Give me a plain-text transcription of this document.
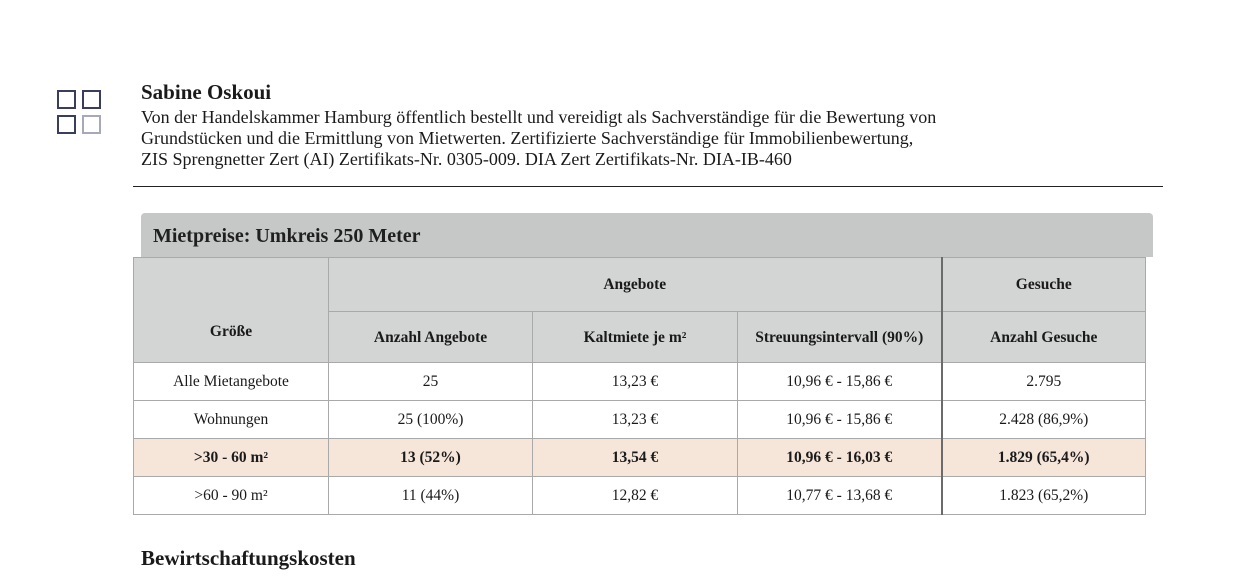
Sabine Oskoui
Von der Handelskammer Hamburg öffentlich bestellt und vereidigt als Sachverständige für die Bewertung von
Grundstücken und die Ermittlung von Mietwerten. Zertifizierte Sachverständige für Immobilienbewertung,
ZIS Sprengnetter Zert (AI) Zertifikats-Nr. 0305-009. DIA Zert Zertifikats-Nr. DIA-IB-460
Mietpreise: Umkreis 250 Meter
Größe	Angebote			Gesuche
	Anzahl Angebote	Kaltmiete je m²	Streuungsintervall (90%)	Anzahl Gesuche
Alle Mietangebote	25	13,23 €	10,96 € - 15,86 €	2.795
Wohnungen	25 (100%)	13,23 €	10,96 € - 15,86 €	2.428 (86,9%)
>30 - 60 m²	13 (52%)	13,54 €	10,96 € - 16,03 €	1.829 (65,4%)
>60 - 90 m²	11 (44%)	12,82 €	10,77 € - 13,68 €	1.823 (65,2%)
Bewirtschaftungskosten
